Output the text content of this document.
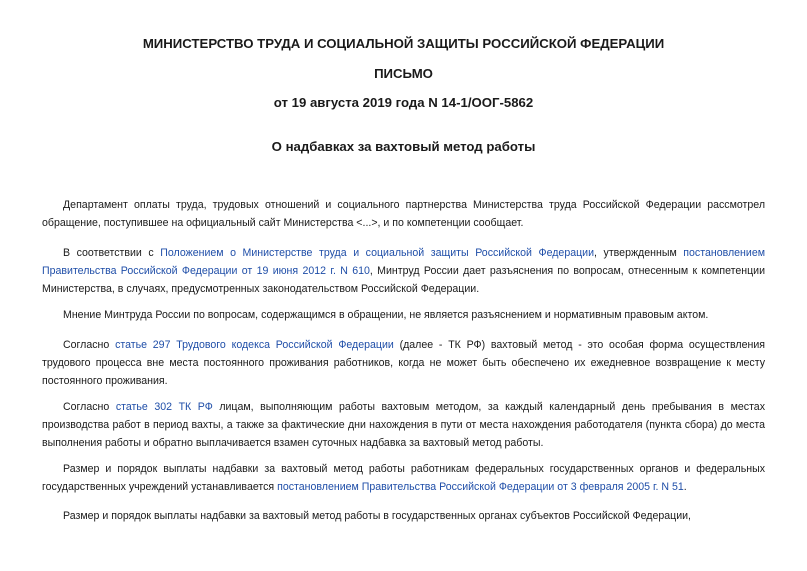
МИНИСТЕРСТВО ТРУДА И СОЦИАЛЬНОЙ ЗАЩИТЫ РОССИЙСКОЙ ФЕДЕРАЦИИ

ПИСЬМО

от 19 августа 2019 года N 14-1/ООГ-5862

О надбавках за вахтовый метод работы

Департамент оплаты труда, трудовых отношений и социального партнерства Министерства труда Российской Федерации рассмотрел обращение, поступившее на официальный сайт Министерства <...>, и по компетенции сообщает.

В соответствии с Положением о Министерстве труда и социальной защиты Российской Федерации, утвержденным постановлением Правительства Российской Федерации от 19 июня 2012 г. N 610, Минтруд России дает разъяснения по вопросам, отнесенным к компетенции Министерства, в случаях, предусмотренных законодательством Российской Федерации.

Мнение Минтруда России по вопросам, содержащимся в обращении, не является разъяснением и нормативным правовым актом.

Согласно статье 297 Трудового кодекса Российской Федерации (далее - ТК РФ) вахтовый метод - это особая форма осуществления трудового процесса вне места постоянного проживания работников, когда не может быть обеспечено их ежедневное возвращение к месту постоянного проживания.

Согласно статье 302 ТК РФ лицам, выполняющим работы вахтовым методом, за каждый календарный день пребывания в местах производства работ в период вахты, а также за фактические дни нахождения в пути от места нахождения работодателя (пункта сбора) до места выполнения работы и обратно выплачивается взамен суточных надбавка за вахтовый метод работы.

Размер и порядок выплаты надбавки за вахтовый метод работы работникам федеральных государственных органов и федеральных государственных учреждений устанавливается постановлением Правительства Российской Федерации от 3 февраля 2005 г. N 51.

Размер и порядок выплаты надбавки за вахтовый метод работы в государственных органах субъектов Российской Федерации,
